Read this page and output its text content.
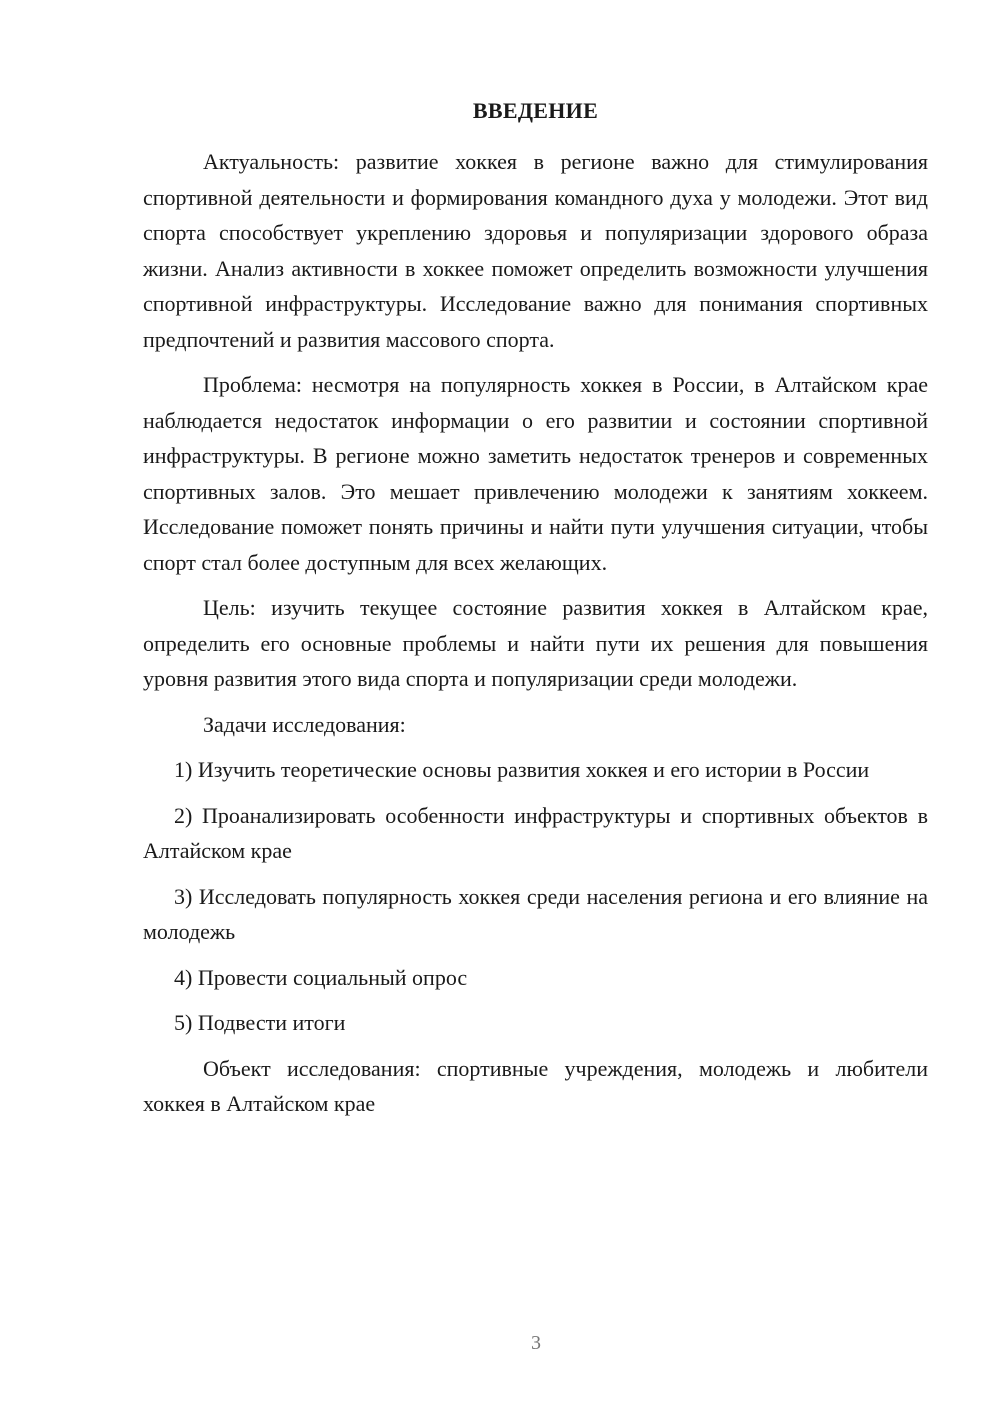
ВВЕДЕНИЕ

Актуальность: развитие хоккея в регионе важно для стимулирования спортивной деятельности и формирования командного духа у молодежи. Этот вид спорта способствует укреплению здоровья и популяризации здорового образа жизни. Анализ активности в хоккее поможет определить возможности улучшения спортивной инфраструктуры. Исследование важно для понимания спортивных предпочтений и развития массового спорта.

Проблема: несмотря на популярность хоккея в России, в Алтайском крае наблюдается недостаток информации о его развитии и состоянии спортивной инфраструктуры. В регионе можно заметить недостаток тренеров и современных спортивных залов. Это мешает привлечению молодежи к занятиям хоккеем. Исследование поможет понять причины и найти пути улучшения ситуации, чтобы спорт стал более доступным для всех желающих.

Цель: изучить текущее состояние развития хоккея в Алтайском крае, определить его основные проблемы и найти пути их решения для повышения уровня развития этого вида спорта и популяризации среди молодежи.

Задачи исследования:

1) Изучить теоретические основы развития хоккея и его истории в России

2) Проанализировать особенности инфраструктуры и спортивных объектов в Алтайском крае

3) Исследовать популярность хоккея среди населения региона и его влияние на молодежь

4) Провести социальный опрос

5) Подвести итоги

Объект исследования: спортивные учреждения, молодежь и любители хоккея в Алтайском крае

3
